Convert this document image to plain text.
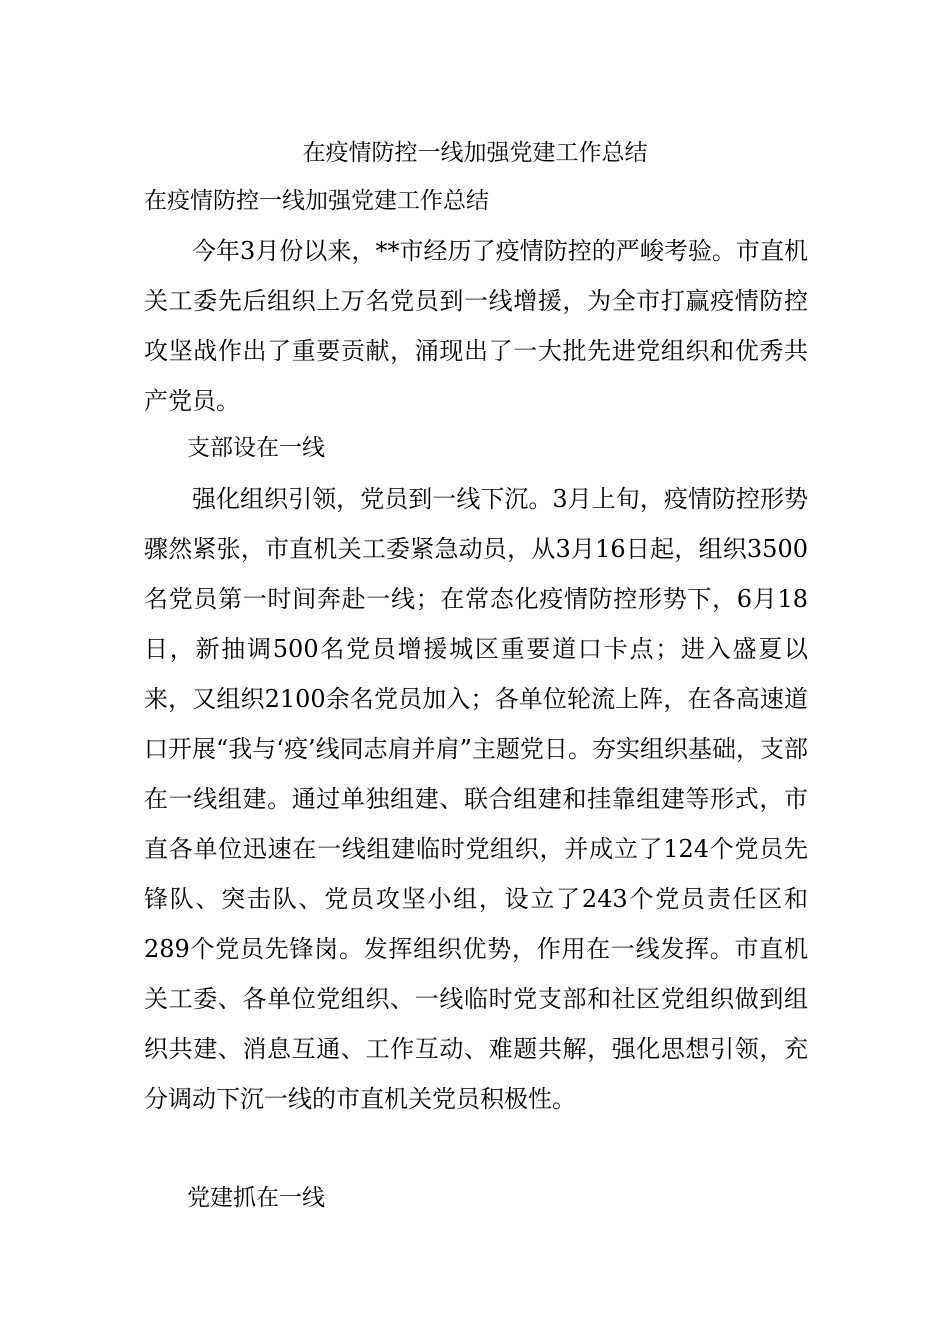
在疫情防控一线加强党建工作总结
在疫情防控一线加强党建工作总结

今年3月份以来，**市经历了疫情防控的严峻考验。市直机关工委先后组织上万名党员到一线增援，为全市打赢疫情防控攻坚战作出了重要贡献，涌现出了一大批先进党组织和优秀共产党员。

支部设在一线

强化组织引领，党员到一线下沉。3月上旬，疫情防控形势骤然紧张，市直机关工委紧急动员，从3月16日起，组织3500名党员第一时间奔赴一线；在常态化疫情防控形势下，6月18日，新抽调500名党员增援城区重要道口卡点；进入盛夏以来，又组织2100余名党员加入；各单位轮流上阵，在各高速道口开展“我与‘疫’线同志肩并肩”主题党日。夯实组织基础，支部在一线组建。通过单独组建、联合组建和挂靠组建等形式，市直各单位迅速在一线组建临时党组织，并成立了124个党员先锋队、突击队、党员攻坚小组，设立了243个党员责任区和289个党员先锋岗。发挥组织优势，作用在一线发挥。市直机关工委、各单位党组织、一线临时党支部和社区党组织做到组织共建、消息互通、工作互动、难题共解，强化思想引领，充分调动下沉一线的市直机关党员积极性。

党建抓在一线
